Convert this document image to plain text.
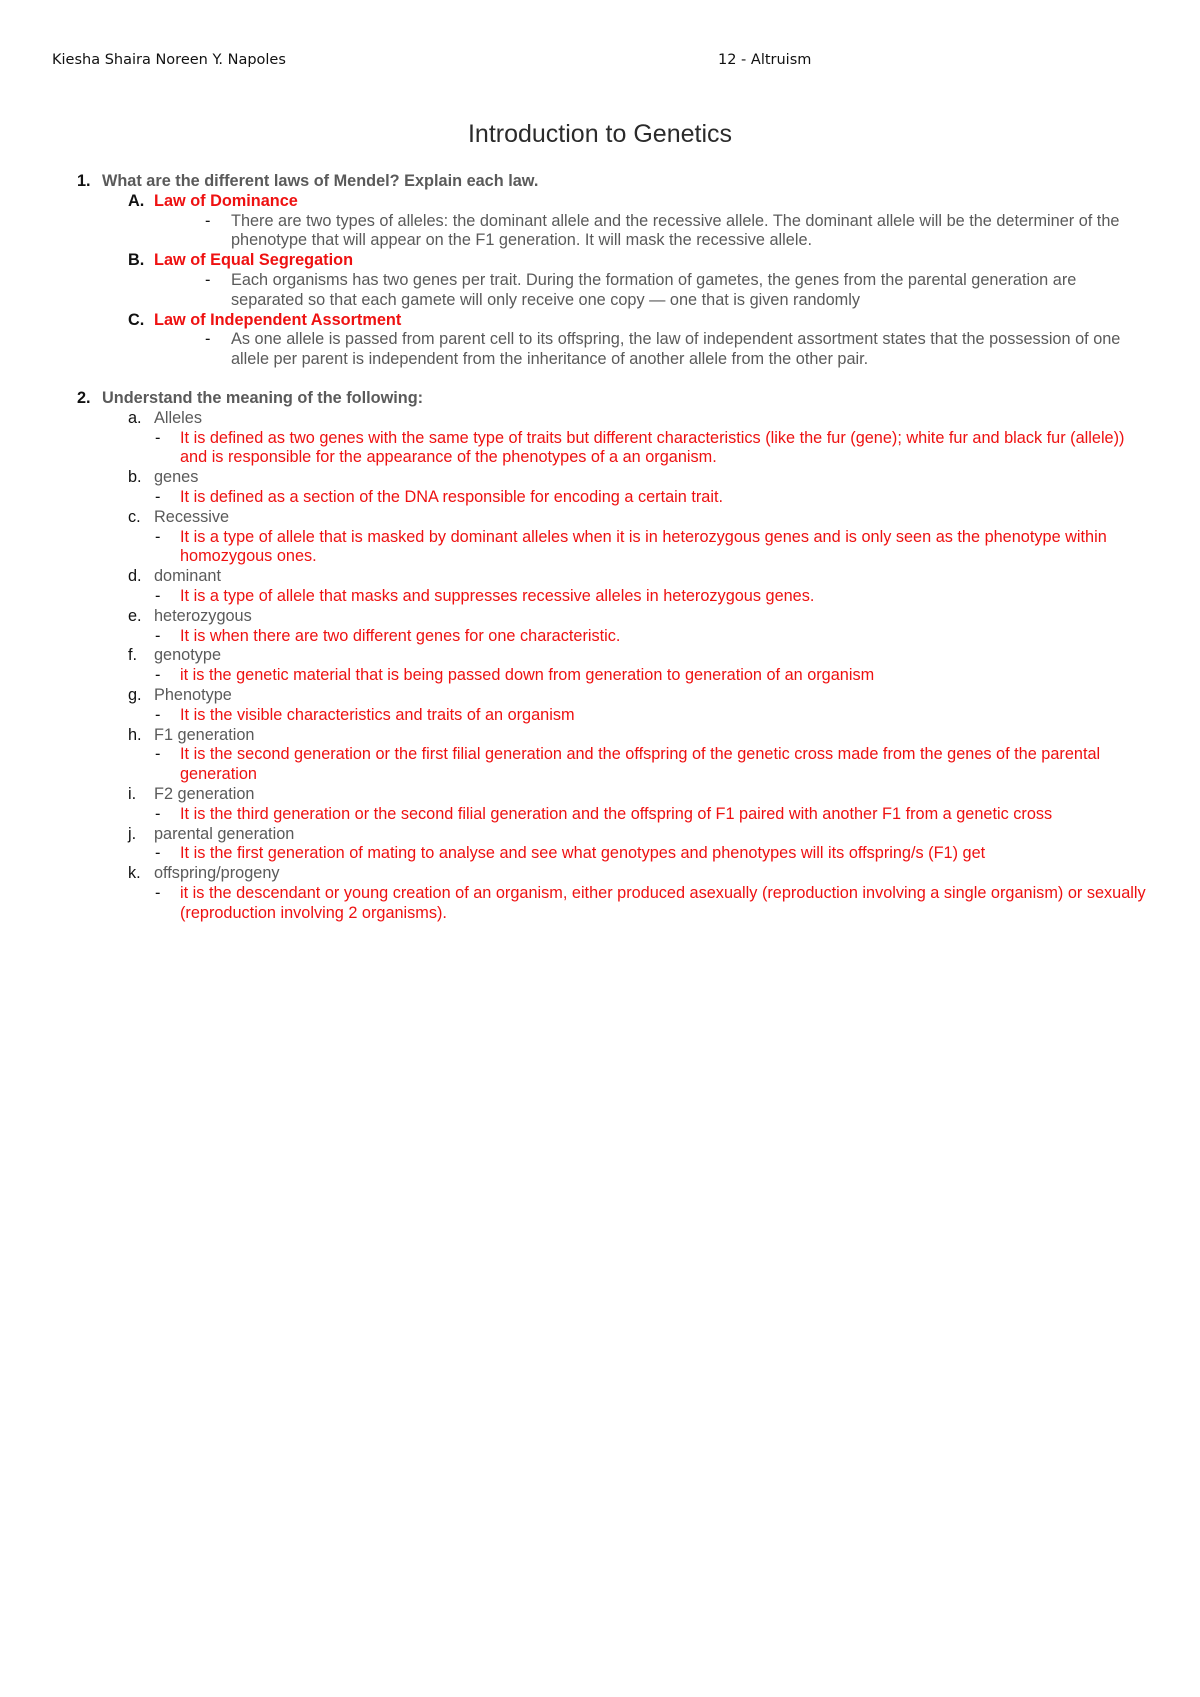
Kiesha Shaira Noreen Y. Napoles	12 - Altruism
Introduction to Genetics
1. What are the different laws of Mendel? Explain each law.
A. Law of Dominance
- There are two types of alleles: the dominant allele and the recessive allele. The dominant allele will be the determiner of the phenotype that will appear on the F1 generation. It will mask the recessive allele.
B. Law of Equal Segregation
- Each organisms has two genes per trait. During the formation of gametes, the genes from the parental generation are separated so that each gamete will only receive one copy — one that is given randomly
C. Law of Independent Assortment
- As one allele is passed from parent cell to its offspring, the law of independent assortment states that the possession of one allele per parent is independent from the inheritance of another allele from the other pair.
2. Understand the meaning of the following:
a. Alleles
- It is defined as two genes with the same type of traits but different characteristics (like the fur (gene); white fur and black fur (allele)) and is responsible for the appearance of the phenotypes of a an organism.
b. genes
- It is defined as a section of the DNA responsible for encoding a certain trait.
c. Recessive
- It is a type of allele that is masked by dominant alleles when it is in heterozygous genes and is only seen as the phenotype within homozygous ones.
d. dominant
- It is a type of allele that masks and suppresses recessive alleles in heterozygous genes.
e. heterozygous
- It is when there are two different genes for one characteristic.
f. genotype
- it is the genetic material that is being passed down from generation to generation of an organism
g. Phenotype
- It is the visible characteristics and traits of an organism
h. F1 generation
- It is the second generation or the first filial generation and the offspring of the genetic cross made from the genes of the parental generation
i. F2 generation
- It is the third generation or the second filial generation and the offspring of F1 paired with another F1 from a genetic cross
j. parental generation
- It is the first generation of mating to analyse and see what genotypes and phenotypes will its offspring/s (F1) get
k. offspring/progeny
- it is the descendant or young creation of an organism, either produced asexually (reproduction involving a single organism) or sexually (reproduction involving 2 organisms).
